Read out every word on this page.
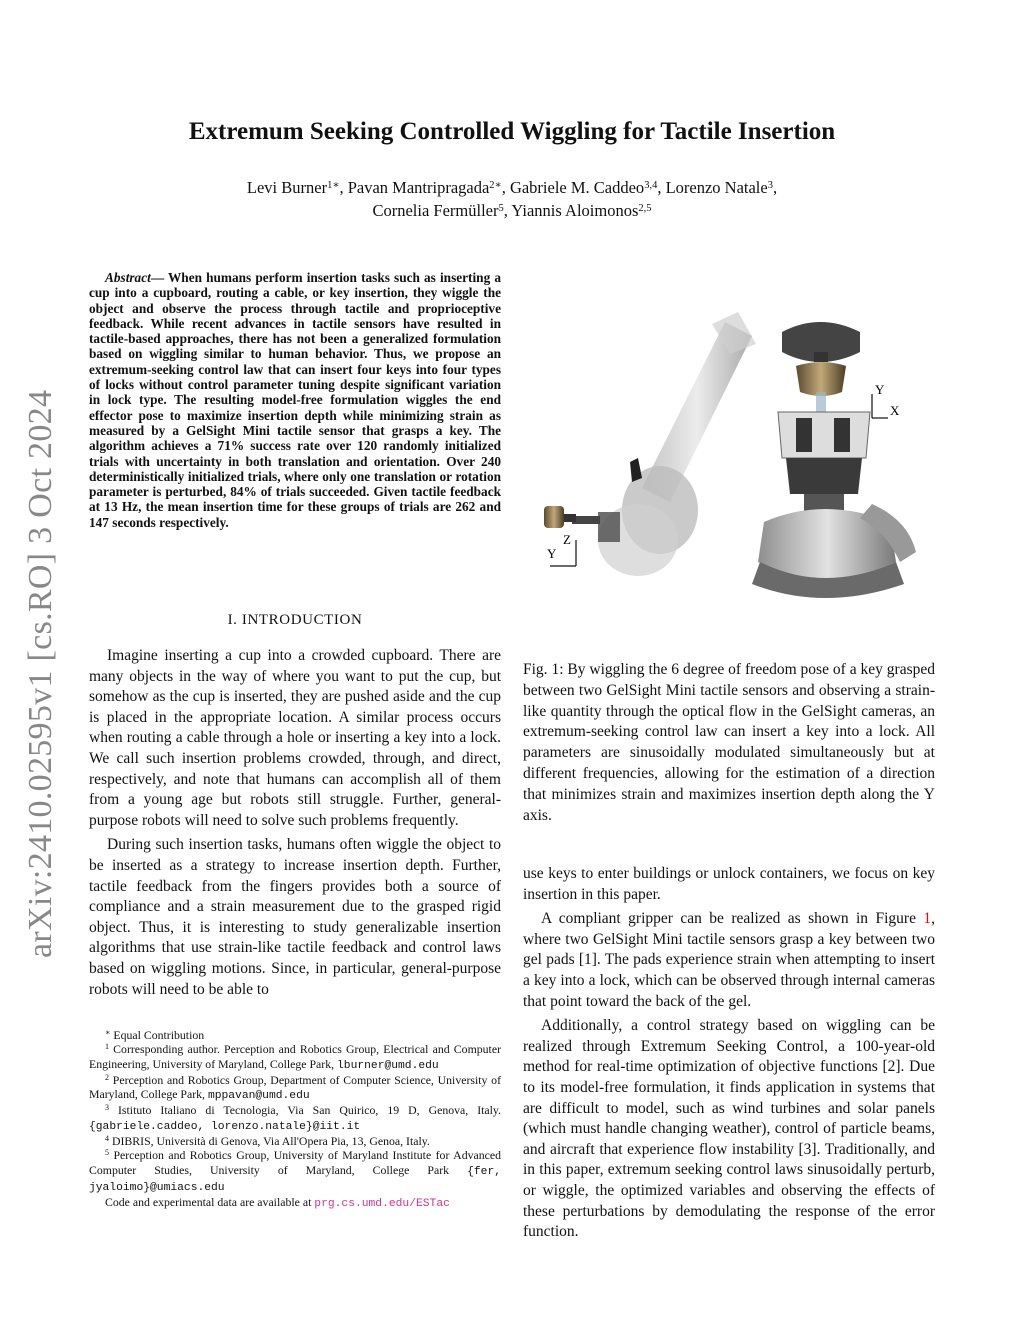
Extremum Seeking Controlled Wiggling for Tactile Insertion
Levi Burner$^{1∗}$, Pavan Mantripragada$^{2∗}$, Gabriele M. Caddeo$^{3,4}$, Lorenzo Natale$^3$,
Cornelia Fermüller$^5$, Yiannis Aloimonos$^{2,5}$
arXiv:2410.02595v1 [cs.RO] 3 Oct 2024
Abstract— When humans perform insertion tasks such as inserting a cup into a cupboard, routing a cable, or key insertion, they wiggle the object and observe the process through tactile and proprioceptive feedback. While recent advances in tactile sensors have resulted in tactile-based approaches, there has not been a generalized formulation based on wiggling similar to human behavior. Thus, we propose an extremum-seeking control law that can insert four keys into four types of locks without control parameter tuning despite significant variation in lock type. The resulting model-free formulation wiggles the end effector pose to maximize insertion depth while minimizing strain as measured by a GelSight Mini tactile sensor that grasps a key. The algorithm achieves a 71% success rate over 120 randomly initialized trials with uncertainty in both translation and orientation. Over 240 deterministically initialized trials, where only one translation or rotation parameter is perturbed, 84% of trials succeeded. Given tactile feedback at 13 Hz, the mean insertion time for these groups of trials are 262 and 147 seconds respectively.
I. INTRODUCTION

Imagine inserting a cup into a crowded cupboard. There are many objects in the way of where you want to put the cup, but somehow as the cup is inserted, they are pushed aside and the cup is placed in the appropriate location. A similar process occurs when routing a cable through a hole or inserting a key into a lock. We call such insertion problems crowded, through, and direct, respectively, and note that humans can accomplish all of them from a young age but robots still struggle. Further, general-purpose robots will need to solve such problems frequently.

During such insertion tasks, humans often wiggle the object to be inserted as a strategy to increase insertion depth. Further, tactile feedback from the fingers provides both a source of compliance and a strain measurement due to the grasped rigid object. Thus, it is interesting to study generalizable insertion algorithms that use strain-like tactile feedback and control laws based on wiggling motions. Since, in particular, general-purpose robots will need to be able to

∗ Equal Contribution
$^1$ Corresponding author. Perception and Robotics Group, Electrical and Computer Engineering, University of Maryland, College Park, lburner@umd.edu
$^2$ Perception and Robotics Group, Department of Computer Science, University of Maryland, College Park, mppavan@umd.edu
$^3$ Istituto Italiano di Tecnologia, Via San Quirico, 19 D, Genova, Italy. {gabriele.caddeo, lorenzo.natale}@iit.it
$^4$ DIBRIS, Università di Genova, Via All'Opera Pia, 13, Genoa, Italy.
$^5$ Perception and Robotics Group, University of Maryland Institute for Advanced Computer Studies, University of Maryland, College Park {fer, jyaloimo}@umiacs.edu
Code and experimental data are available at prg.cs.umd.edu/ESTac
Z
Y
Y
X
Fig. 1: By wiggling the 6 degree of freedom pose of a key grasped between two GelSight Mini tactile sensors and observing a strain-like quantity through the optical flow in the GelSight cameras, an extremum-seeking control law can insert a key into a lock. All parameters are sinusoidally modulated simultaneously but at different frequencies, allowing for the estimation of a direction that minimizes strain and maximizes insertion depth along the Y axis.

use keys to enter buildings or unlock containers, we focus on key insertion in this paper.

A compliant gripper can be realized as shown in Figure 1, where two GelSight Mini tactile sensors grasp a key between two gel pads [1]. The pads experience strain when attempting to insert a key into a lock, which can be observed through internal cameras that point toward the back of the gel.

Additionally, a control strategy based on wiggling can be realized through Extremum Seeking Control, a 100-year-old method for real-time optimization of objective functions [2]. Due to its model-free formulation, it finds application in systems that are difficult to model, such as wind turbines and solar panels (which must handle changing weather), control of particle beams, and aircraft that experience flow instability [3]. Traditionally, and in this paper, extremum seeking control laws sinusoidally perturb, or wiggle, the optimized variables and observing the effects of these perturbations by demodulating the response of the error function.
